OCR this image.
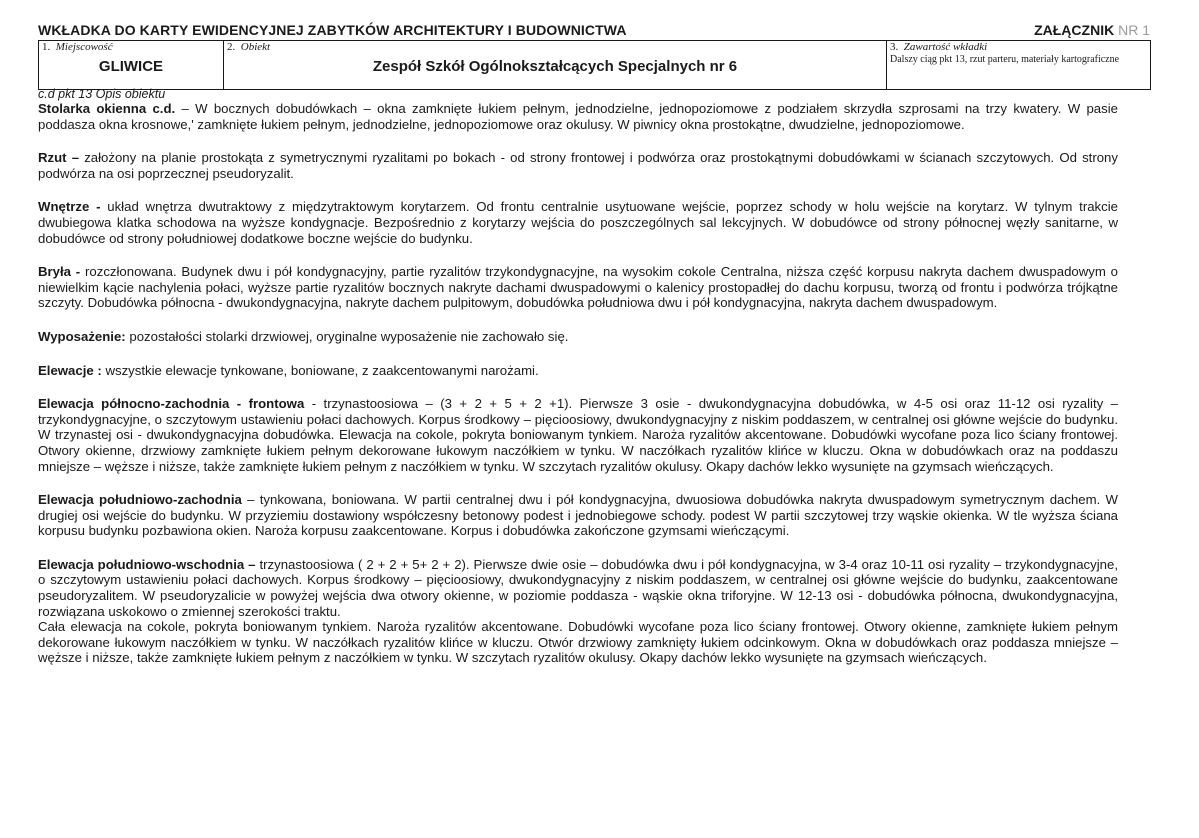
WKŁADKA DO KARTY EWIDENCYJNEJ ZABYTKÓW ARCHITEKTURY I BUDOWNICTWA	ZAŁĄCZNIK NR 1
1. Miejscowość
GLIWICE

2. Obiekt
Zespół Szkół Ogólnokształcących Specjalnych nr 6

3. Zawartość wkładki
Dalszy ciąg pkt 13, rzut parteru, materiały kartograficzne
c.d pkt 13 Opis obiektu

Stolarka okienna c.d. – W bocznych dobudówkach – okna zamknięte łukiem pełnym, jednodzielne, jednopoziomowe z podziałem skrzydła szprosami na trzy kwatery. W pasie poddasza okna krosnowe,' zamknięte łukiem pełnym, jednodzielne, jednopoziomowe oraz okulusy. W piwnicy okna prostokątne, dwudzielne, jednopoziomowe.

Rzut – założony na planie prostokąta z symetrycznymi ryzalitami po bokach - od strony frontowej i podwórza oraz prostokątnymi dobudówkami w ścianach szczytowych. Od strony podwórza na osi poprzecznej pseudoryzalit.

Wnętrze - układ wnętrza dwutraktowy z międzytraktowym korytarzem. Od frontu centralnie usytuowane wejście, poprzez schody w holu wejście na korytarz. W tylnym trakcie dwubiegowa klatka schodowa na wyższe kondygnacje. Bezpośrednio z korytarzy wejścia do poszczególnych sal lekcyjnych. W dobudówce od strony północnej węzły sanitarne, w dobudówce od strony południowej dodatkowe boczne wejście do budynku.

Bryła - rozczłonowana. Budynek dwu i pół kondygnacyjny, partie ryzalitów trzykondygnacyjne, na wysokim cokole Centralna, niższa część korpusu nakryta dachem dwuspadowym o niewielkim kącie nachylenia połaci, wyższe partie ryzalitów bocznych nakryte dachami dwuspadowymi o kalenicy prostopadłej do dachu korpusu, tworzą od frontu i podwórza trójkątne szczyty. Dobudówka północna - dwukondygnacyjna, nakryte dachem pulpitowym, dobudówka południowa dwu i pół kondygnacyjna, nakryta dachem dwuspadowym.

Wyposażenie: pozostałości stolarki drzwiowej, oryginalne wyposażenie nie zachowało się.

Elewacje : wszystkie elewacje tynkowane, boniowane, z zaakcentowanymi narożami.

Elewacja północno-zachodnia - frontowa - trzynastoosiowa – (3 + 2 + 5 + 2 +1). Pierwsze 3 osie - dwukondygnacyjna dobudówka, w 4-5 osi oraz 11-12 osi ryzality – trzykondygnacyjne, o szczytowym ustawieniu połaci dachowych. Korpus środkowy – pięcioosiowy, dwukondygnacyjny z niskim poddaszem, w centralnej osi główne wejście do budynku. W trzynastej osi - dwukondygnacyjna dobudówka. Elewacja na cokole, pokryta boniowanym tynkiem. Naroża ryzalitów akcentowane. Dobudówki wycofane poza lico ściany frontowej. Otwory okienne, drzwiowy zamknięte łukiem pełnym dekorowane łukowym naczółkiem w tynku. W naczółkach ryzalitów klińce w kluczu. Okna w dobudówkach oraz na poddaszu mniejsze – węższe i niższe, także zamknięte łukiem pełnym z naczółkiem w tynku. W szczytach ryzalitów okulusy. Okapy dachów lekko wysunięte na gzymsach wieńczących.

Elewacja południowo-zachodnia – tynkowana, boniowana. W partii centralnej dwu i pół kondygnacyjna, dwuosiowa dobudówka nakryta dwuspadowym symetrycznym dachem. W drugiej osi wejście do budynku. W przyziemiu dostawiony współczesny betonowy podest i jednobiegowe schody. podest W partii szczytowej trzy wąskie okienka. W tle wyższa ściana korpusu budynku pozbawiona okien. Naroża korpusu zaakcentowane. Korpus i dobudówka zakończone gzymsami wieńczącymi.

Elewacja południowo-wschodnia – trzynastoosiowa ( 2 + 2 + 5+ 2 + 2). Pierwsze dwie osie – dobudówka dwu i pół kondygnacyjna, w 3-4 oraz 10-11 osi ryzality – trzykondygnacyjne, o szczytowym ustawieniu połaci dachowych. Korpus środkowy – pięcioosiowy, dwukondygnacyjny z niskim poddaszem, w centralnej osi główne wejście do budynku, zaakcentowane pseudoryzalitem. W pseudoryzalicie w powyżej wejścia dwa otwory okienne, w poziomie poddasza - wąskie okna triforyjne. W 12-13 osi - dobudówka północna, dwukondygnacyjna, rozwiązana uskokowo o zmiennej szerokości traktu.
Cała elewacja na cokole, pokryta boniowanym tynkiem. Naroża ryzalitów akcentowane. Dobudówki wycofane poza lico ściany frontowej. Otwory okienne, zamknięte łukiem pełnym dekorowane łukowym naczółkiem w tynku. W naczółkach ryzalitów klińce w kluczu. Otwór drzwiowy zamknięty łukiem odcinkowym. Okna w dobudówkach oraz poddasza mniejsze – węższe i niższe, także zamknięte łukiem pełnym z naczółkiem w tynku. W szczytach ryzalitów okulusy. Okapy dachów lekko wysunięte na gzymsach wieńczących.
